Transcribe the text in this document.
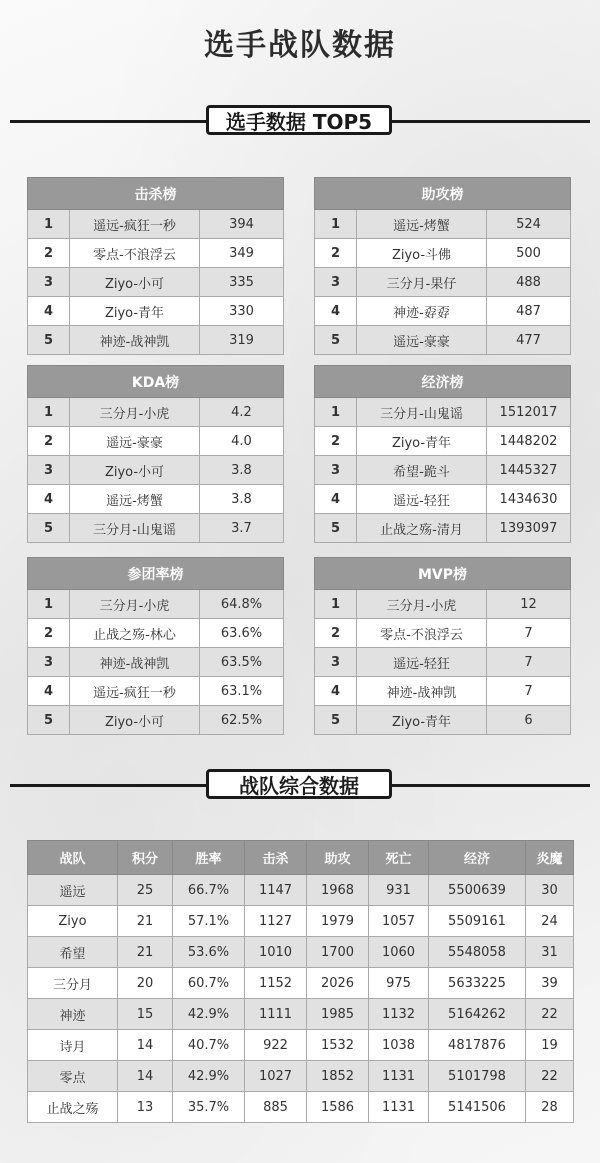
选手战队数据
选手数据 TOP5
击杀榜		
1	遥远-疯狂一秒	394
2	零点-不浪浮云	349
3	Ziyo-小可	335
4	Ziyo-青年	330
5	神迹-战神凯	319
助攻榜		
1	遥远-烤蟹	524
2	Ziyo-斗佛	500
3	三分月-果仔	488
4	神迹-孬孬	487
5	遥远-豪豪	477
KDA榜		
1	三分月-小虎	4.2
2	遥远-豪豪	4.0
3	Ziyo-小可	3.8
4	遥远-烤蟹	3.8
5	三分月-山鬼谣	3.7
经济榜		
1	三分月-山鬼谣	1512017
2	Ziyo-青年	1448202
3	希望-跪斗	1445327
4	遥远-轻狂	1434630
5	止战之殇-清月	1393097
参团率榜		
1	三分月-小虎	64.8%
2	止战之殇-林心	63.6%
3	神迹-战神凯	63.5%
4	遥远-疯狂一秒	63.1%
5	Ziyo-小可	62.5%
MVP榜		
1	三分月-小虎	12
2	零点-不浪浮云	7
3	遥远-轻狂	7
4	神迹-战神凯	7
5	Ziyo-青年	6
战队综合数据
战队	积分	胜率	击杀	助攻	死亡	经济	炎魔
遥远	25	66.7%	1147	1968	931	5500639	30
Ziyo	21	57.1%	1127	1979	1057	5509161	24
希望	21	53.6%	1010	1700	1060	5548058	31
三分月	20	60.7%	1152	2026	975	5633225	39
神迹	15	42.9%	1111	1985	1132	5164262	22
诗月	14	40.7%	922	1532	1038	4817876	19
零点	14	42.9%	1027	1852	1131	5101798	22
止战之殇	13	35.7%	885	1586	1131	5141506	28
